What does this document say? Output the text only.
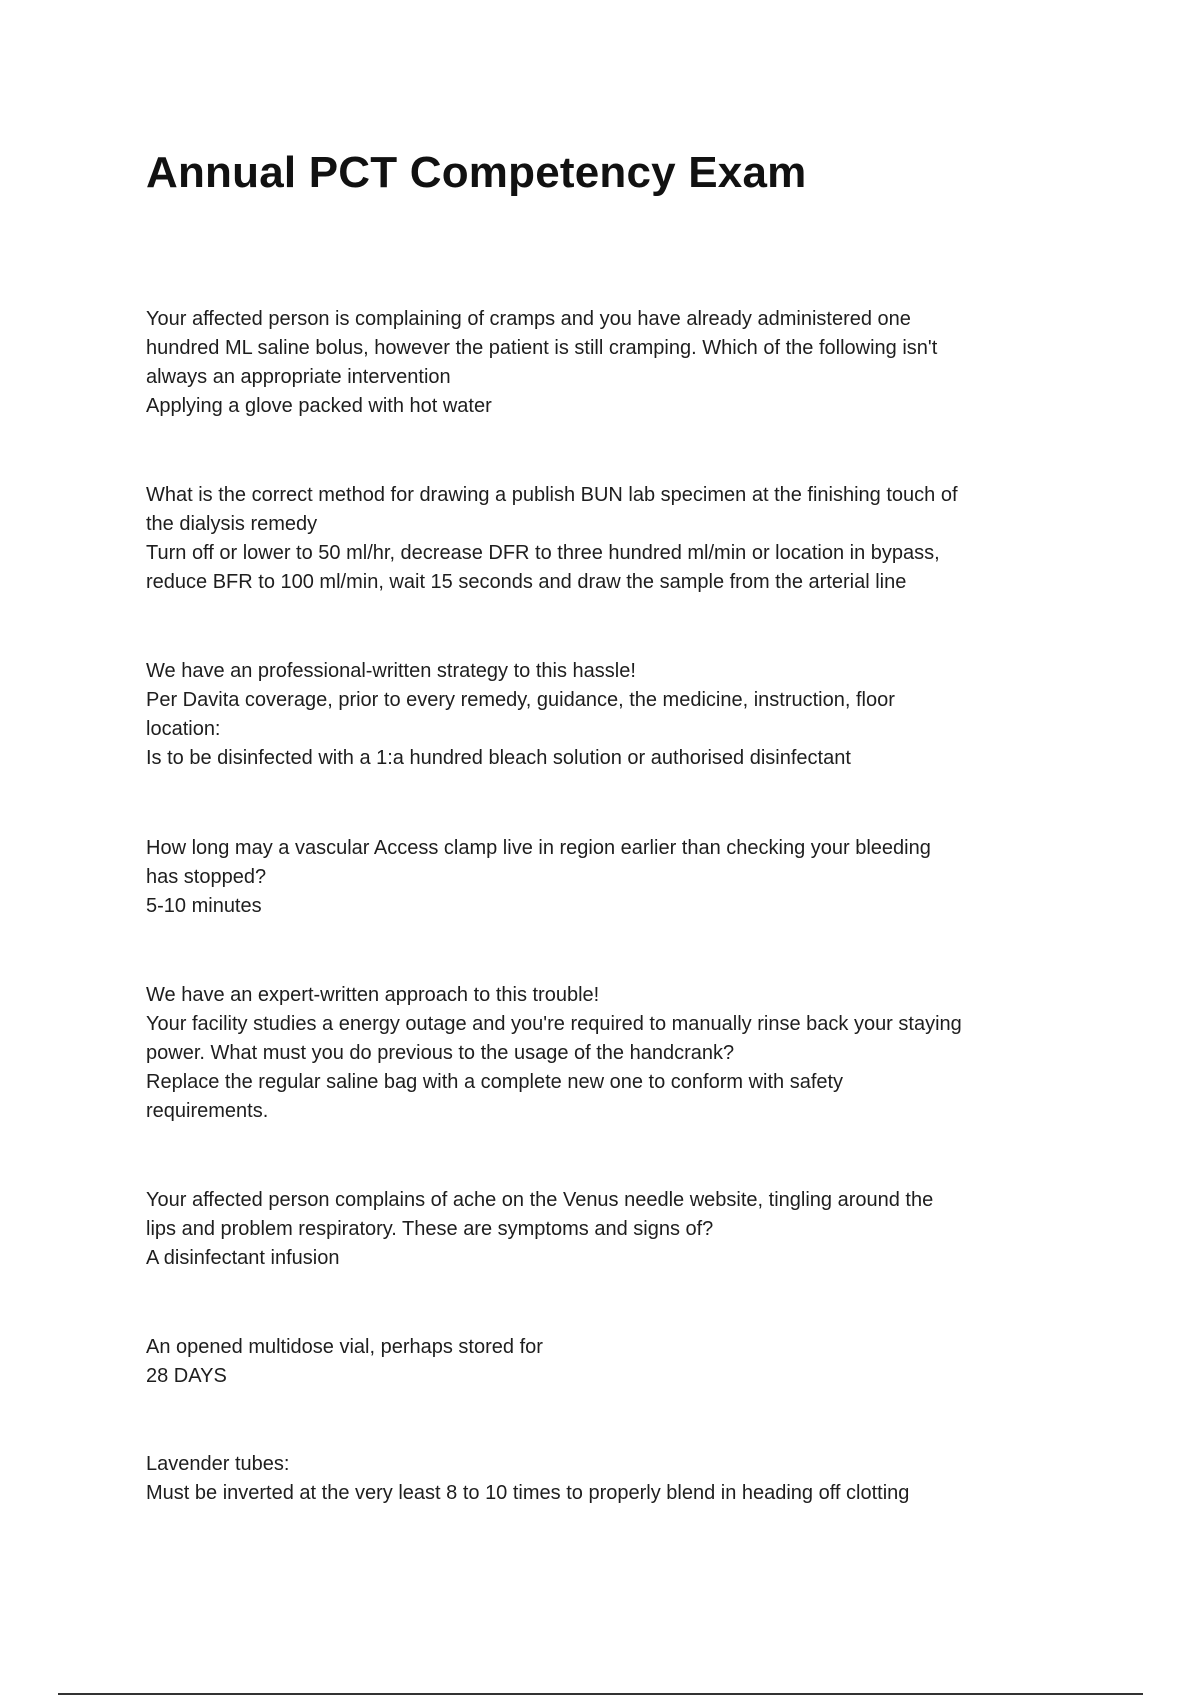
Annual PCT Competency Exam
Your affected person is complaining of cramps and you have already administered one
hundred ML saline bolus, however the patient is still cramping. Which of the following isn't
always an appropriate intervention
Applying a glove packed with hot water
What is the correct method for drawing a publish BUN lab specimen at the finishing touch of
the dialysis remedy
Turn off or lower to 50 ml/hr, decrease DFR to three hundred ml/min or location in bypass,
reduce BFR to 100 ml/min, wait 15 seconds and draw the sample from the arterial line
We have an professional-written strategy to this hassle!
Per Davita coverage, prior to every remedy, guidance, the medicine, instruction, floor
location:
Is to be disinfected with a 1:a hundred bleach solution or authorised disinfectant
How long may a vascular Access clamp live in region earlier than checking your bleeding
has stopped?
5-10 minutes
We have an expert-written approach to this trouble!
Your facility studies a energy outage and you're required to manually rinse back your staying
power. What must you do previous to the usage of the handcrank?
Replace the regular saline bag with a complete new one to conform with safety
requirements.
Your affected person complains of ache on the Venus needle website, tingling around the
lips and problem respiratory. These are symptoms and signs of?
A disinfectant infusion
An opened multidose vial, perhaps stored for
28 DAYS
Lavender tubes:
Must be inverted at the very least 8 to 10 times to properly blend in heading off clotting
